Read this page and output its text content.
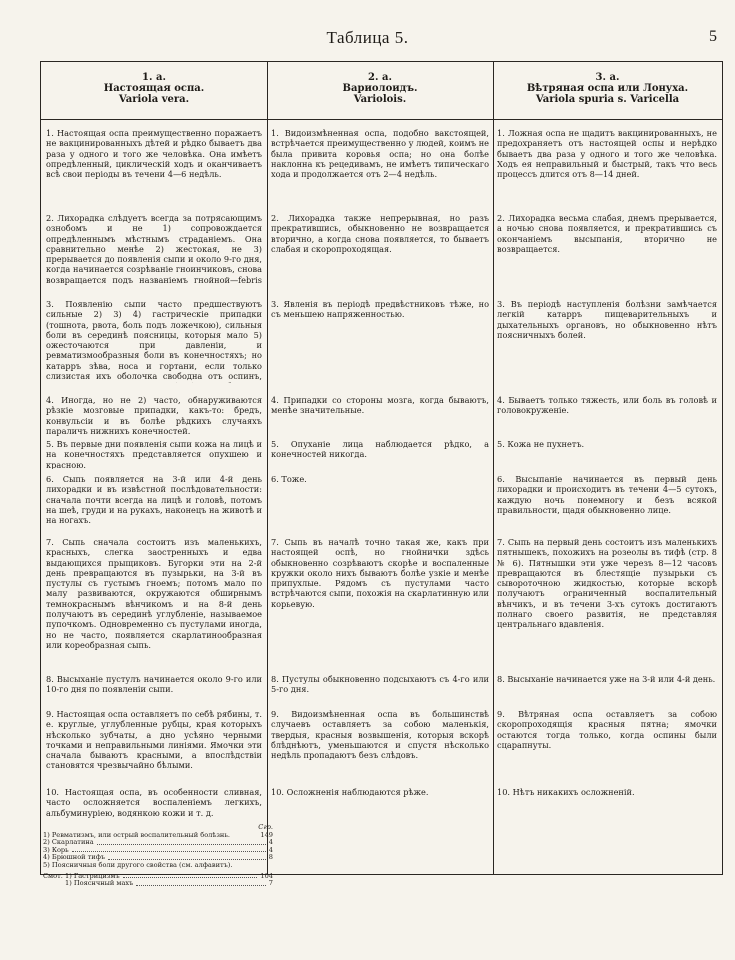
Таблица 5.	5
1. а.
Настоящая оспа.
Variola vera.
2. а.
Вариолоидъ.
Variolois.
3. а.
Вѣтряная оспа или Лонуха.
Variola spuria s. Varicella
1. Настоящая оспа преимущественно поражаетъ не вакцинированныхъ дѣтей и рѣдко бываетъ два раза у одного и того же человѣка. Она имѣетъ опредѣленный, циклическій ходъ и оканчиваетъ всѣ свои періоды въ течени 4—6 недѣль.
1. Видоизмѣненная оспа, подобно вакстоящей, встрѣчается преимущественно у людей, коимъ не была привита коровья оспа; но она болѣе наклонна къ рецедивамъ, не имѣетъ типическаго хода и продолжается отъ 2—4 недѣль.
1. Ложная оспа не щадитъ вакцинированныхъ, не предохраняетъ отъ настоящей оспы и нерѣдко бываетъ два раза у одного и того же человѣка. Ходъ ея неправильный и быстрый, такъ что весь процессъ длится отъ 8—14 дней.
2. Лихорадка слѣдуетъ всегда за потрясающимъ ознобомъ и не 1) сопровождается опредѣленнымъ мѣстнымъ страданіемъ. Она сравнительно менѣе 2) жестокая, не 3) прерывается до появленія сыпи и около 9-го дня, когда начинается созрѣваніе гноинчиковъ, снова возвращается подъ названіемъ гнойной—febris
2. Лихорадка также непрерывная, но разъ прекратившись, обыкновенно не возвращается вторично, а когда снова появляется, то бываетъ слабая и скоропроходящая.
2. Лихорадка весьма слабая, днемъ прерывается, а ночью снова появляется, и прекратившись съ окончаніемъ высыпанія, вторично не возвращается.
3. Появленію сыпи часто предшествуютъ сильные 2) 3) 4) гастрическіе припадки (тошнота, рвота, боль подъ ложечкою), сильныя боли въ серединѣ поясницы, которыя мало 5) ожесточаются при давленіи, и ревматизмообразныя боли въ конечностяхъ; но катарръ зѣва, носа и гортани, если только слизистая ихъ оболочка свободна отъ оспинъ,
3. Явленія въ періодѣ предвѣстниковъ тѣже, но съ меньшею напряженностью.
3. Въ періодѣ наступленія болѣзни замѣчается легкій катарръ пищеварительныхъ и дыхательныхъ органовъ, но обыкновенно нѣтъ поясничныхъ болей.
4. Иногда, но не 2) часто, обнаруживаются рѣзкіе мозговые припадки, какъ-то: бредъ, конвульсіи и въ болѣе рѣдкихъ случаяхъ параличъ нижнихъ конечностей.
4. Припадки со стороны мозга, когда бываютъ, менѣе значительные.
4. Бываетъ только тяжесть, или боль въ головѣ и головокруженіе.
5. Въ первые дни появленія сыпи кожа на лицѣ и на конечностяхъ представляется опухшею и красною.
5. Опуханіе лица наблюдается рѣдко, а конечностей никогда.
5. Кожа не пухнетъ.
6. Сыпь появляется на 3-й или 4-й день лихорадки и въ извѣстной послѣдовательности: сначала почти всегда на лицѣ и головѣ, потомъ на шеѣ, груди и на рукахъ, наконецъ на животѣ и на ногахъ.
6. Тоже.	6. Высыпаніе начинается въ первый день лихорадки и происходитъ въ течени 4—5 сутокъ, каждую ночь понемногу и безъ всякой правильности, щадя обыкновенно лице.
7. Сыпь сначала состоитъ изъ маленькихъ, красныхъ, слегка заостренныхъ и едва выдающихся прыщиковъ. Бугорки эти на 2-й день превращаются въ пузырьки, на 3-й въ пустулы съ густымъ гноемъ; потомъ мало по малу развиваются, окружаются обширнымъ темнокраснымъ вѣнчикомъ и на 8-й день получаютъ въ серединѣ углубленіе, называемое пупочкомъ. Одновременно съ пустулами иногда, но не часто, появляется скарлатинообразная или кореобразная сыпь.
7. Сыпь въ началѣ точно такая же, какъ при настоящей оспѣ, но гнойнички здѣсь обыкновенно созрѣваютъ скорѣе и воспаленные кружки около нихъ бываютъ болѣе узкіе и менѣе припухлые. Рядомъ съ пустулами часто встрѣчаются сыпи, похожія на скарлатинную или корьевую.
7. Сыпь на первый день состоитъ изъ маленькихъ пятнышекъ, похожихъ на розеолы въ тифѣ (стр. 8 № 6). Пятнышки эти уже черезъ 8—12 часовъ превращаются въ блестящіе пузырьки съ сывороточною жидкостью, которые вскорѣ получаютъ ограниченный воспалительный вѣнчикъ, и въ течени 3-хъ сутокъ достигаютъ полнаго своего развитія, не представляя центральнаго вдавленія.
8. Высыханіе пустулъ начинается около 9-го или 10-го дня по появленіи сыпи.
8. Пустулы обыкновенно подсыхаютъ съ 4-го или 5-го дня.
8. Высыханіе начинается уже на 3-й или 4-й день.
9. Настоящая оспа оставляетъ по себѣ рябины, т. е. круглые, углубленные рубцы, края которыхъ нѣсколько зубчаты, а дно усѣяно черными точками и неправильными линіями. Ямочки эти сначала бываютъ красными, а впослѣдствіи становятся чрезвычайно бѣлыми.
9. Видоизмѣненная оспа въ большинствѣ случаевъ оставляетъ за собою маленькія, твердыя, красныя возвышенія, которыя вскорѣ блѣднѣютъ, уменьшаются и спустя нѣсколько недѣль пропадаютъ безъ слѣдовъ.
9. Вѣтряная оспа оставляетъ за собою скоропроходящія красныя пятна; ямочки остаются тогда только, когда оспины были сцарапнуты.
10. Настоящая оспа, въ особенности сливная, часто осложняется воспаленіемъ легкихъ, альбуминуріею, водянкою кожи и т. д.
10. Осложненія наблюдаются рѣже.	10. Нѣтъ никакихъ осложненій.
Сгр.
1) Ревматизмъ, или острый воспалительный болѣзнь.	149
2) Скарлатина	4
3) Корь	4
4) Брюшной тифъ	8
5) Поясничныя боли другого свойства (см. алфавитъ).
Смот. 1) Гастрицизмъ	104
1) Пояснчный махъ	7
